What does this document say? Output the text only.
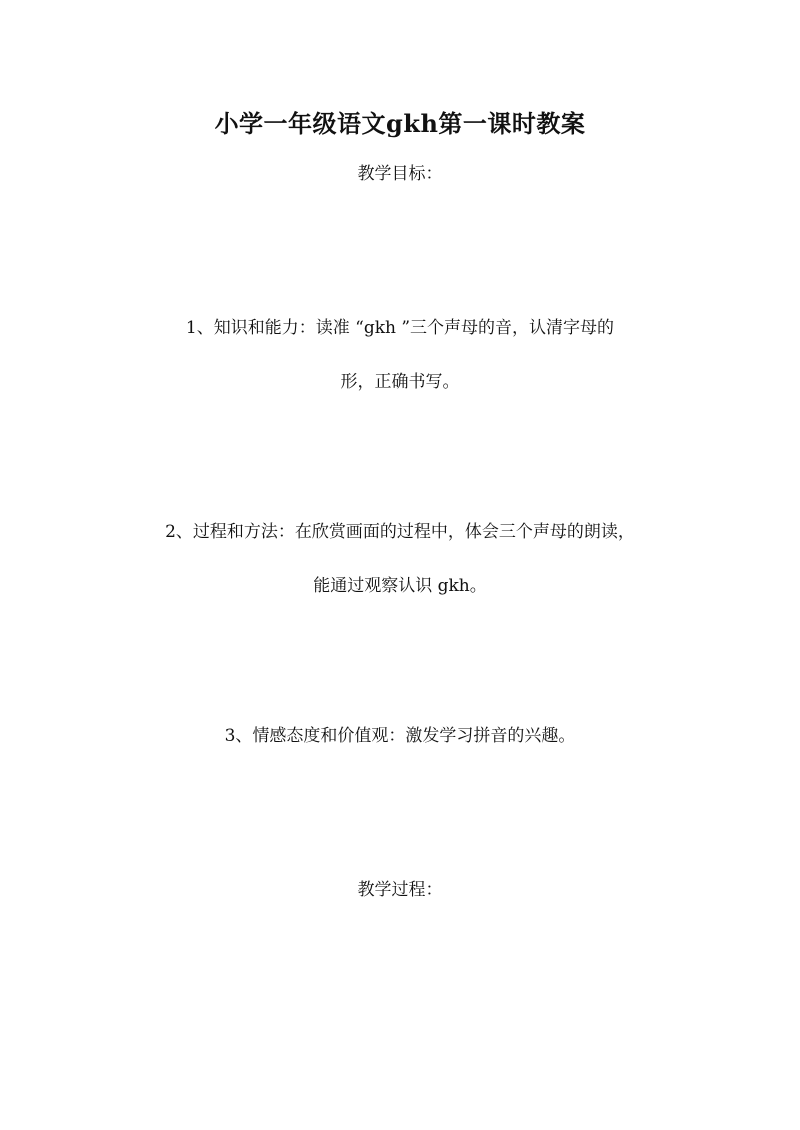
小学一年级语文gkh第一课时教案
教学目标：
1、知识和能力：读准 “gkh ”三个声母的音，认清字母的
形，正确书写。
2、过程和方法：在欣赏画面的过程中，体会三个声母的朗读，
能通过观察认识 gkh。
3、情感态度和价值观：激发学习拼音的兴趣。
教学过程：
